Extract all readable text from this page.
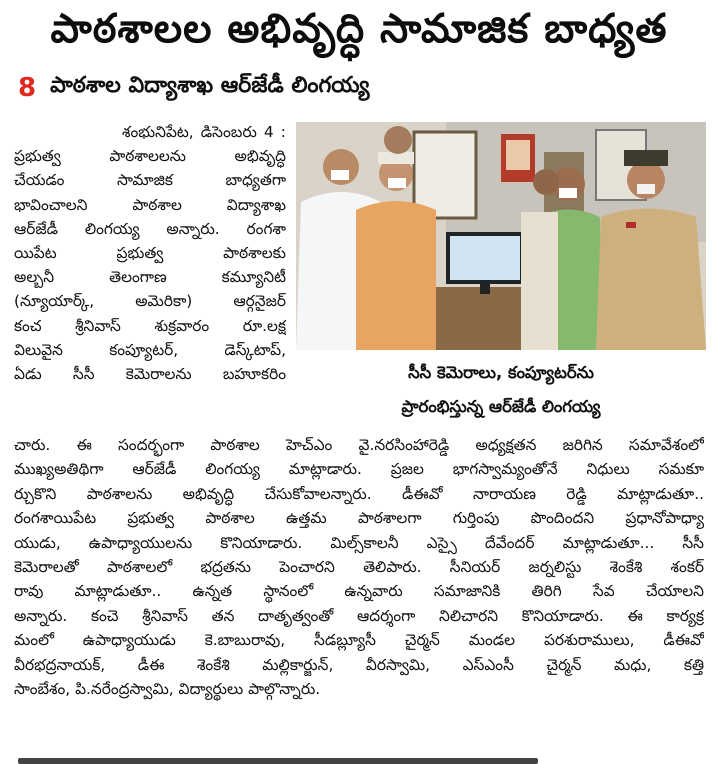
పాఠశాలల అభివృద్ధి సామాజిక బాధ్యత
8 పాఠశాల విద్యాశాఖ ఆర్‌జేడీ లింగయ్య
శంభునిపేట, డిసెంబరు 4 :
ప్రభుత్వ పాఠశాలలను అభివృద్ధి
చేయడం సామాజిక బాధ్యతగా
భావించాలని పాఠశాల విద్యాశాఖ
ఆర్‌జేడీ లింగయ్య అన్నారు. రంగశా
యిపేట ప్రభుత్వ పాఠశాలకు
అల్బనీ తెలంగాణ కమ్యూనిటీ
(న్యూయార్క్, అమెరికా) ఆర్గనైజర్
కంచ శ్రీనివాస్ శుక్రవారం రూ.లక్ష
విలువైన కంప్యూటర్, డెస్క్‌టాప్,
ఏడు సీసీ కెమెరాలను బహూకరిం	సీసీ కెమెరాలు, కంప్యూటర్‌ను
ప్రారంభిస్తున్న ఆర్‌జేడీ లింగయ్య
చారు. ఈ సందర్భంగా పాఠశాల హెచ్‌ఎం వై.నరసింహారెడ్డి అధ్యక్షతన జరిగిన సమావేశంలో
ముఖ్యఅతిథిగా ఆర్‌జేడీ లింగయ్య మాట్లాడారు. ప్రజల భాగస్వామ్యంతోనే నిధులు సమకూ
ర్చుకొని పాఠశాలను అభివృద్ధి చేసుకోవాలన్నారు. డీఈవో నారాయణ రెడ్డి మాట్లాడుతూ..
రంగశాయిపేట ప్రభుత్వ పాఠశాల ఉత్తమ పాఠశాలగా గుర్తింపు పొందిందని ప్రధానోపాధ్యా
యుడు, ఉపాధ్యాయులను కొనియాడారు. మిల్స్‌కాలనీ ఎస్సై దేవేందర్ మాట్లాడుతూ... సీసీ
కెమెరాలతో పాఠశాలలో భద్రతను పెంచారని తెలిపారు. సీనియర్ జర్నలిస్టు శెంకేశి శంకర్
రావు మాట్లాడుతూ.. ఉన్నత స్థానంలో ఉన్నవారు సమాజానికి తిరిగి సేవ చేయాలని
అన్నారు. కంచె శ్రీనివాస్ తన దాతృత్వంతో ఆదర్శంగా నిలిచారని కొనియాడారు. ఈ కార్యక్ర
మంలో ఉపాధ్యాయుడు కె.బాబురావు, సీడబ్ల్యూసీ చైర్మన్ మండల పరశురాములు, డీఈవో
వీరభద్రనాయక్, డీఈ శెంకేశి మల్లికార్జున్, వీరస్వామి, ఎస్‌ఎంసీ చైర్మన్ మధు, కత్తి
సాంబేశం, పి.నరేంద్రస్వామి, విద్యార్థులు పాల్గొన్నారు.
